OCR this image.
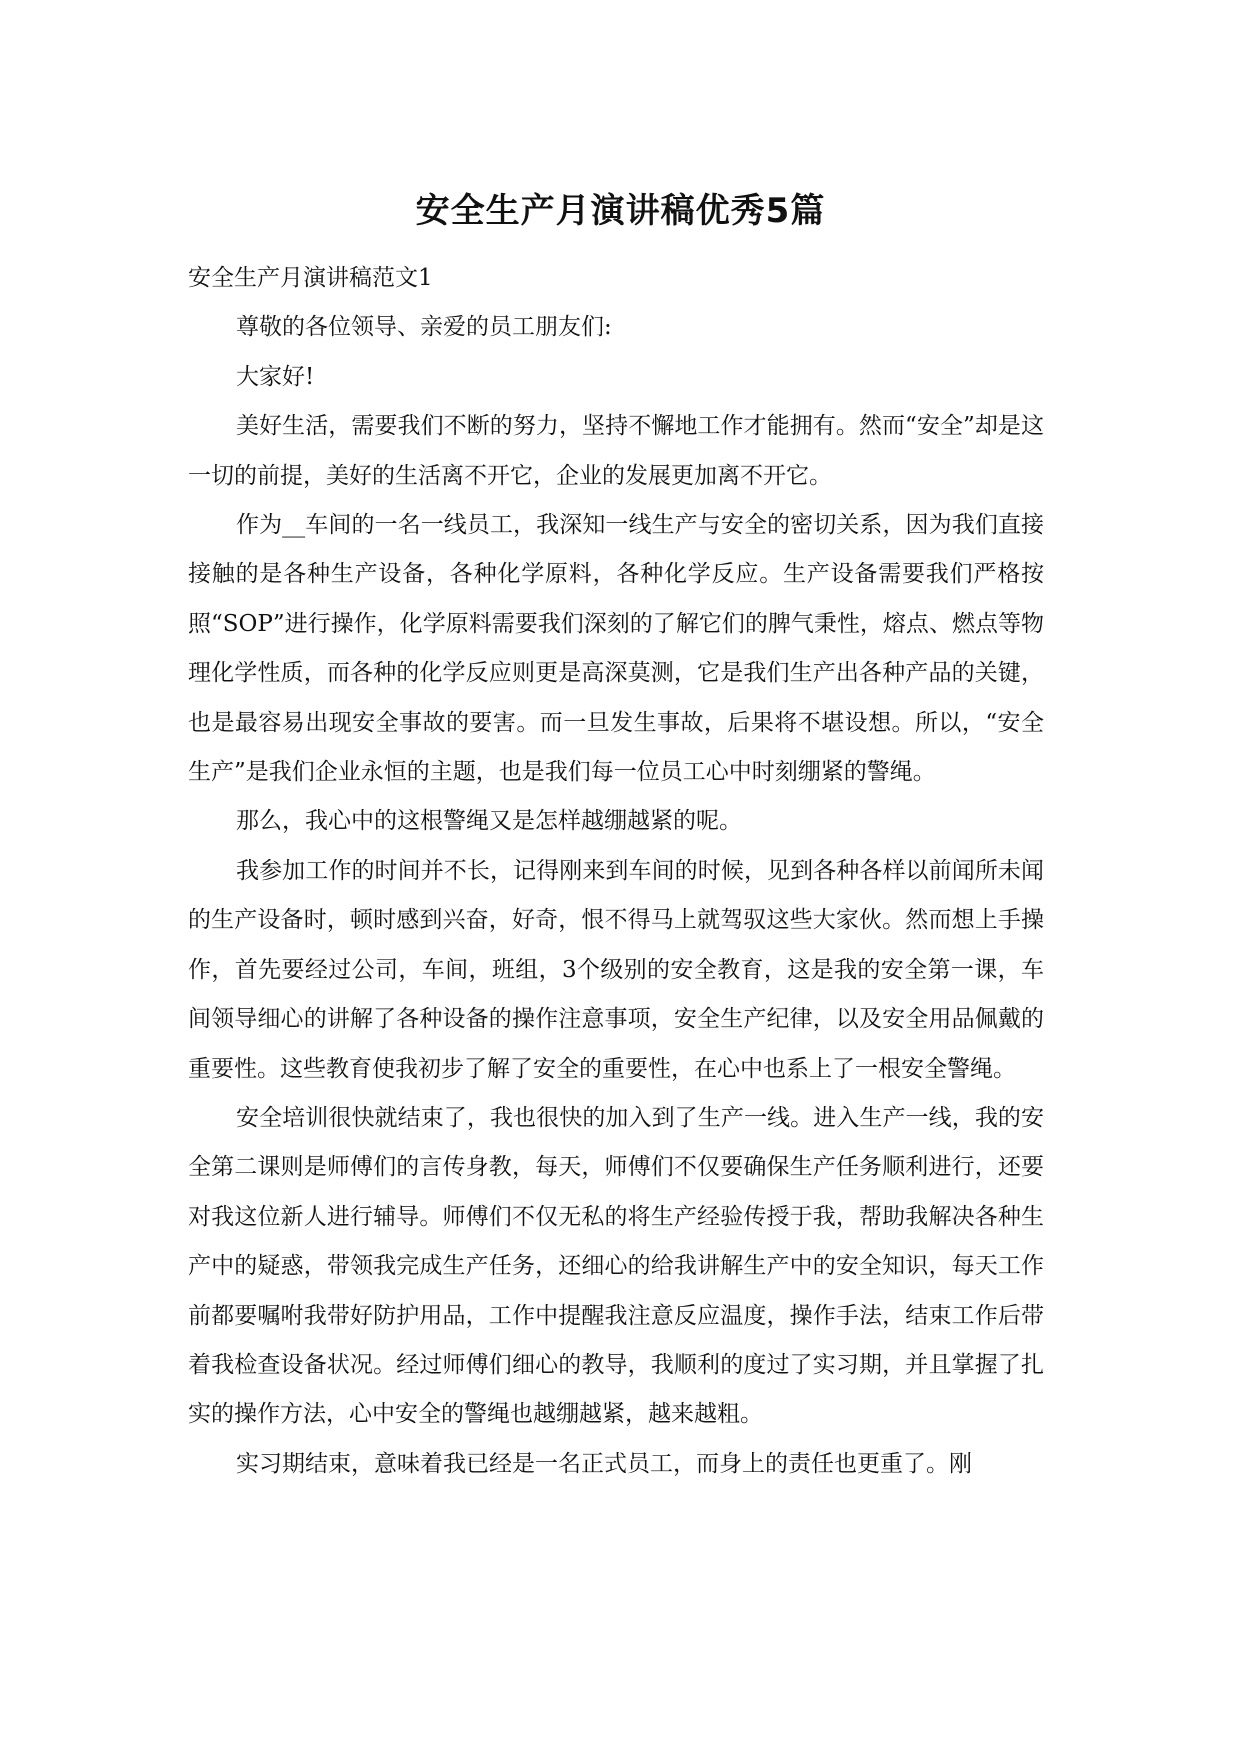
安全生产月演讲稿优秀5篇

安全生产月演讲稿范文1

尊敬的各位领导、亲爱的员工朋友们:

大家好!

美好生活，需要我们不断的努力，坚持不懈地工作才能拥有。然而“安全”却是这一切的前提，美好的生活离不开它，企业的发展更加离不开它。

作为__车间的一名一线员工，我深知一线生产与安全的密切关系，因为我们直接接触的是各种生产设备，各种化学原料，各种化学反应。生产设备需要我们严格按照“SOP”进行操作，化学原料需要我们深刻的了解它们的脾气秉性，熔点、燃点等物理化学性质，而各种的化学反应则更是高深莫测，它是我们生产出各种产品的关键，也是最容易出现安全事故的要害。而一旦发生事故，后果将不堪设想。所以，“安全生产”是我们企业永恒的主题，也是我们每一位员工心中时刻绷紧的警绳。

那么，我心中的这根警绳又是怎样越绷越紧的呢。

我参加工作的时间并不长，记得刚来到车间的时候，见到各种各样以前闻所未闻的生产设备时，顿时感到兴奋，好奇，恨不得马上就驾驭这些大家伙。然而想上手操作，首先要经过公司，车间，班组，3个级别的安全教育，这是我的安全第一课，车间领导细心的讲解了各种设备的操作注意事项，安全生产纪律，以及安全用品佩戴的重要性。这些教育使我初步了解了安全的重要性，在心中也系上了一根安全警绳。

安全培训很快就结束了，我也很快的加入到了生产一线。进入生产一线，我的安全第二课则是师傅们的言传身教，每天，师傅们不仅要确保生产任务顺利进行，还要对我这位新人进行辅导。师傅们不仅无私的将生产经验传授于我，帮助我解决各种生产中的疑惑，带领我完成生产任务，还细心的给我讲解生产中的安全知识，每天工作前都要嘱咐我带好防护用品，工作中提醒我注意反应温度，操作手法，结束工作后带着我检查设备状况。经过师傅们细心的教导，我顺利的度过了实习期，并且掌握了扎实的操作方法，心中安全的警绳也越绷越紧，越来越粗。

实习期结束，意味着我已经是一名正式员工，而身上的责任也更重了。刚
